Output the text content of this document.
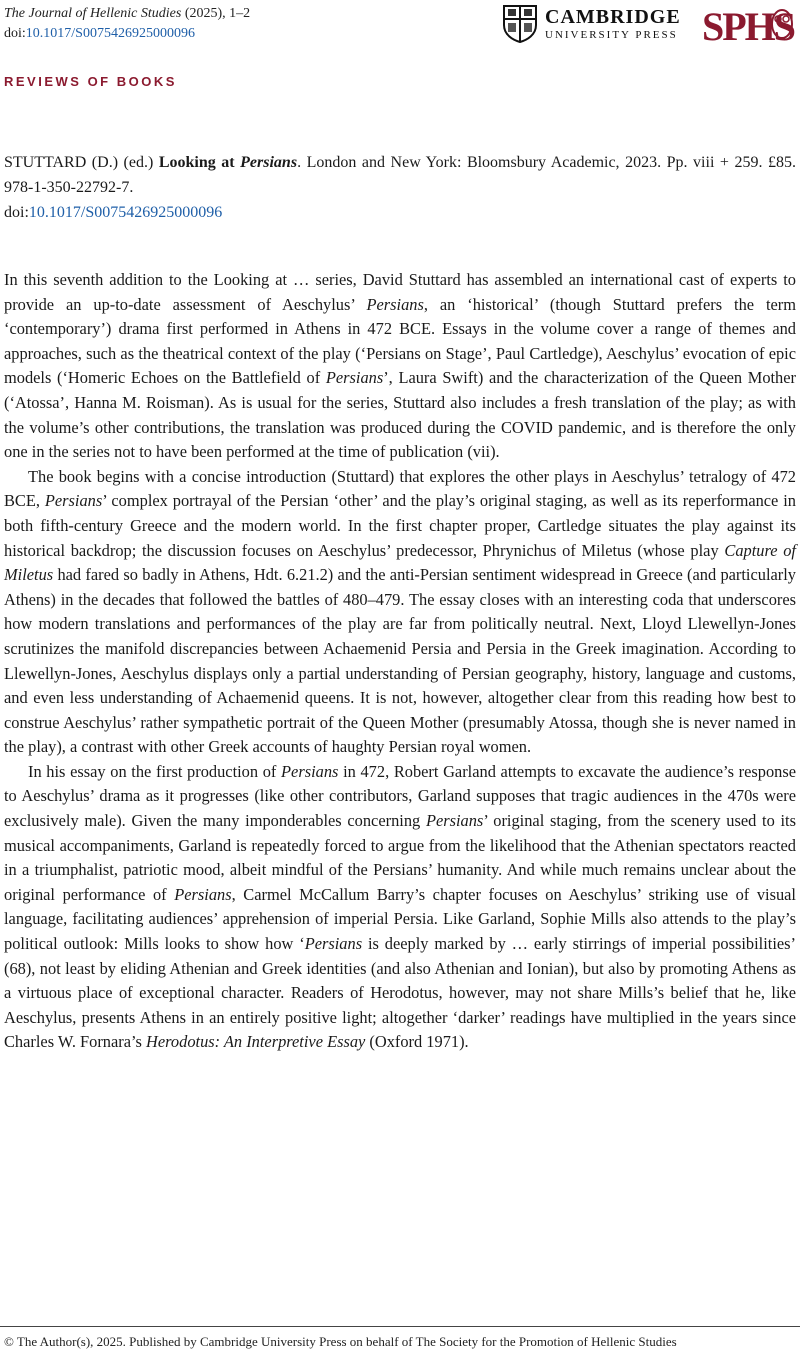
The Journal of Hellenic Studies (2025), 1–2
doi:10.1017/S0075426925000096
CAMBRIDGE
UNIVERSITY PRESS SPHS
REVIEWS OF BOOKS
STUTTARD (D.) (ed.) Looking at Persians. London and New York: Bloomsbury Academic, 2023. Pp. viii + 259. £85. 978-1-350-22792-7.
doi:10.1017/S0075426925000096

In this seventh addition to the Looking at … series, David Stuttard has assembled an international cast of experts to provide an up-to-date assessment of Aeschylus’ Persians, an ‘historical’ (though Stuttard prefers the term ‘contemporary’) drama first performed in Athens in 472 BCE. Essays in the volume cover a range of themes and approaches, such as the theatrical context of the play (‘Persians on Stage’, Paul Cartledge), Aeschylus’ evocation of epic models (‘Homeric Echoes on the Battlefield of Persians’, Laura Swift) and the characterization of the Queen Mother (‘Atossa’, Hanna M. Roisman). As is usual for the series, Stuttard also includes a fresh translation of the play; as with the volume’s other contributions, the translation was produced during the COVID pandemic, and is therefore the only one in the series not to have been performed at the time of publication (vii).

The book begins with a concise introduction (Stuttard) that explores the other plays in Aeschylus’ tetralogy of 472 BCE, Persians’ complex portrayal of the Persian ‘other’ and the play’s original staging, as well as its reperformance in both fifth-century Greece and the modern world. In the first chapter proper, Cartledge situates the play against its historical backdrop; the discussion focuses on Aeschylus’ predecessor, Phrynichus of Miletus (whose play Capture of Miletus had fared so badly in Athens, Hdt. 6.21.2) and the anti-Persian sentiment widespread in Greece (and particularly Athens) in the decades that followed the battles of 480–479. The essay closes with an interesting coda that underscores how modern translations and performances of the play are far from politically neutral. Next, Lloyd Llewellyn-Jones scrutinizes the manifold discrepancies between Achaemenid Persia and Persia in the Greek imagination. According to Llewellyn-Jones, Aeschylus displays only a partial understanding of Persian geography, history, language and customs, and even less understanding of Achaemenid queens. It is not, however, altogether clear from this reading how best to construe Aeschylus’ rather sympathetic portrait of the Queen Mother (presumably Atossa, though she is never named in the play), a contrast with other Greek accounts of haughty Persian royal women.

In his essay on the first production of Persians in 472, Robert Garland attempts to excavate the audience’s response to Aeschylus’ drama as it progresses (like other contributors, Garland supposes that tragic audiences in the 470s were exclusively male). Given the many imponderables concerning Persians’ original staging, from the scenery used to its musical accompaniments, Garland is repeatedly forced to argue from the likelihood that the Athenian spectators reacted in a triumphalist, patriotic mood, albeit mindful of the Persians’ humanity. And while much remains unclear about the original performance of Persians, Carmel McCallum Barry’s chapter focuses on Aeschylus’ striking use of visual language, facilitating audiences’ apprehension of imperial Persia. Like Garland, Sophie Mills also attends to the play’s political outlook: Mills looks to show how ‘Persians is deeply marked by … early stirrings of imperial possibilities’ (68), not least by eliding Athenian and Greek identities (and also Athenian and Ionian), but also by promoting Athens as a virtuous place of exceptional character. Readers of Herodotus, however, may not share Mills’s belief that he, like Aeschylus, presents Athens in an entirely positive light; altogether ‘darker’ readings have multiplied in the years since Charles W. Fornara’s Herodotus: An Interpretive Essay (Oxford 1971).

© The Author(s), 2025. Published by Cambridge University Press on behalf of The Society for the Promotion of Hellenic Studies
